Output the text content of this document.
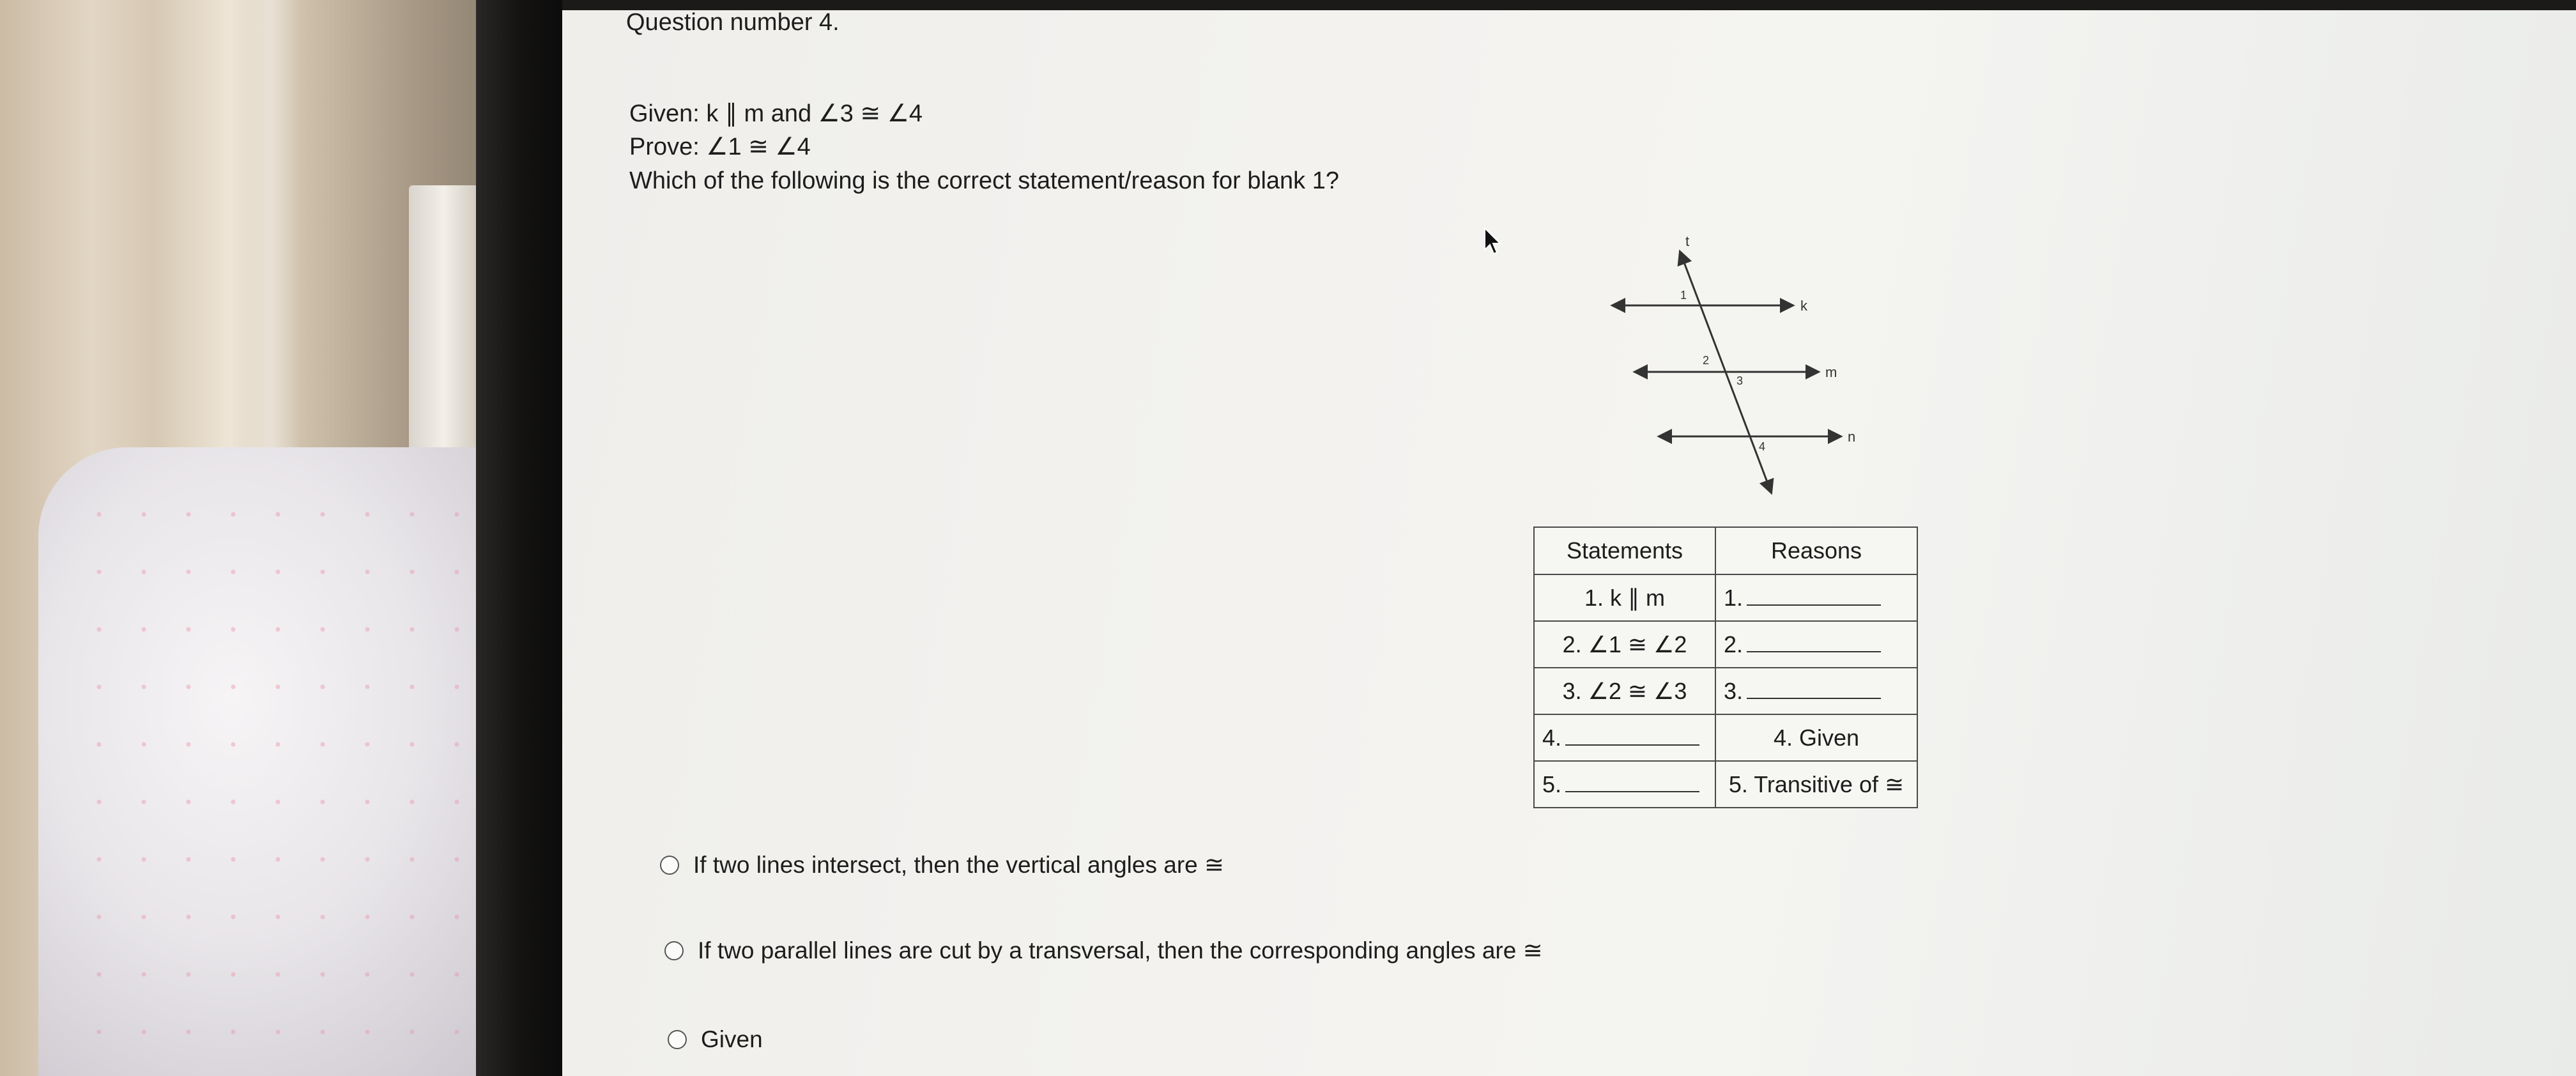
Question number 4.
Given: k ∥ m and ∠3 ≅ ∠4
Prove: ∠1 ≅ ∠4
Which of the following is the correct statement/reason for blank 1?
t
k
m
n
1
2
3
4
Statements	Reasons
1. k ∥ m	1.
2. ∠1 ≅ ∠2	2.
3. ∠2 ≅ ∠3	3.
4.	4. Given
5.	5. Transitive of ≅
If two lines intersect, then the vertical angles are ≅
If two parallel lines are cut by a transversal, then the corresponding angles are ≅
Given
